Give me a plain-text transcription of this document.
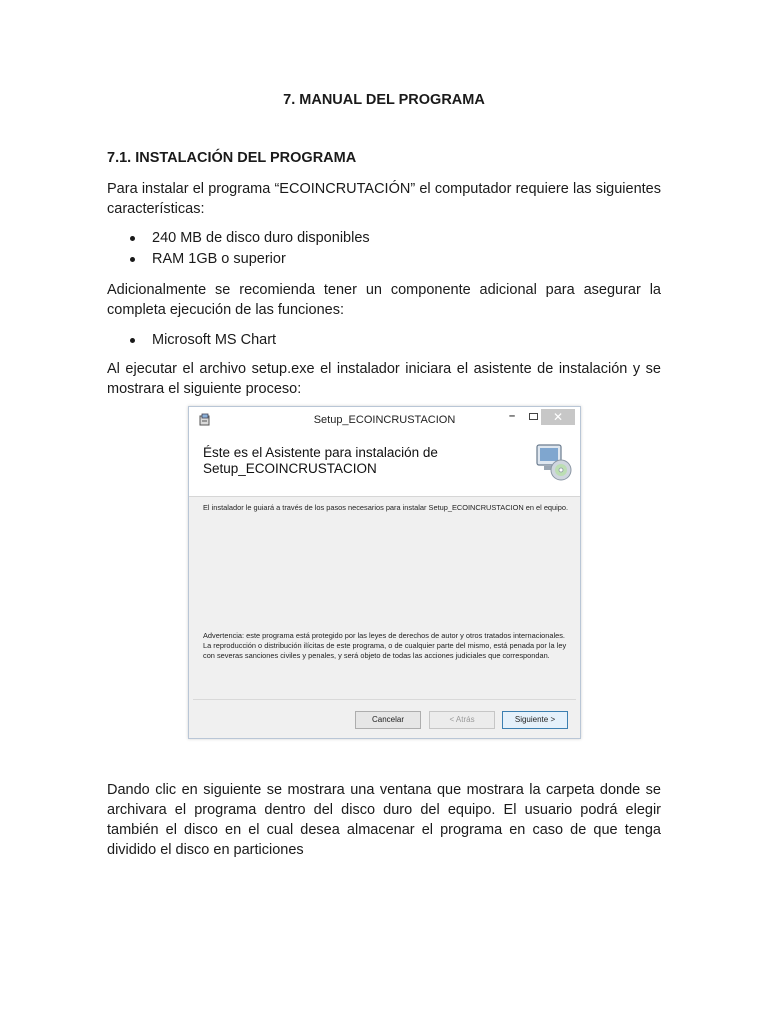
7. MANUAL DEL PROGRAMA
7.1. INSTALACIÓN DEL PROGRAMA

Para instalar el programa “ECOINCRUTACIÓN” el computador requiere las siguientes características:

240 MB de disco duro disponibles
RAM 1GB o superior

Adicionalmente se recomienda tener un componente adicional para asegurar la completa ejecución de las funciones:

Microsoft MS Chart

Al ejecutar el archivo setup.exe el instalador iniciara el asistente de instalación y se mostrara el siguiente proceso:

Setup_ECOINCRUSTACION	–	✕
Éste es el Asistente para instalación de Setup_ECOINCRUSTACION
El instalador le guiará a través de los pasos necesarios para instalar Setup_ECOINCRUSTACION en el equipo.
Advertencia: este programa está protegido por las leyes de derechos de autor y otros tratados internacionales. La reproducción o distribución ilícitas de este programa, o de cualquier parte del mismo, está penada por la ley con severas sanciones civiles y penales, y será objeto de todas las acciones judiciales que correspondan.
Cancelar	< Atrás	Siguiente >

Dando clic en siguiente se mostrara una ventana que mostrara la carpeta donde se archivara el programa dentro del disco duro del equipo. El usuario podrá elegir también el disco en el cual desea almacenar el programa en caso de que tenga dividido el disco en particiones
